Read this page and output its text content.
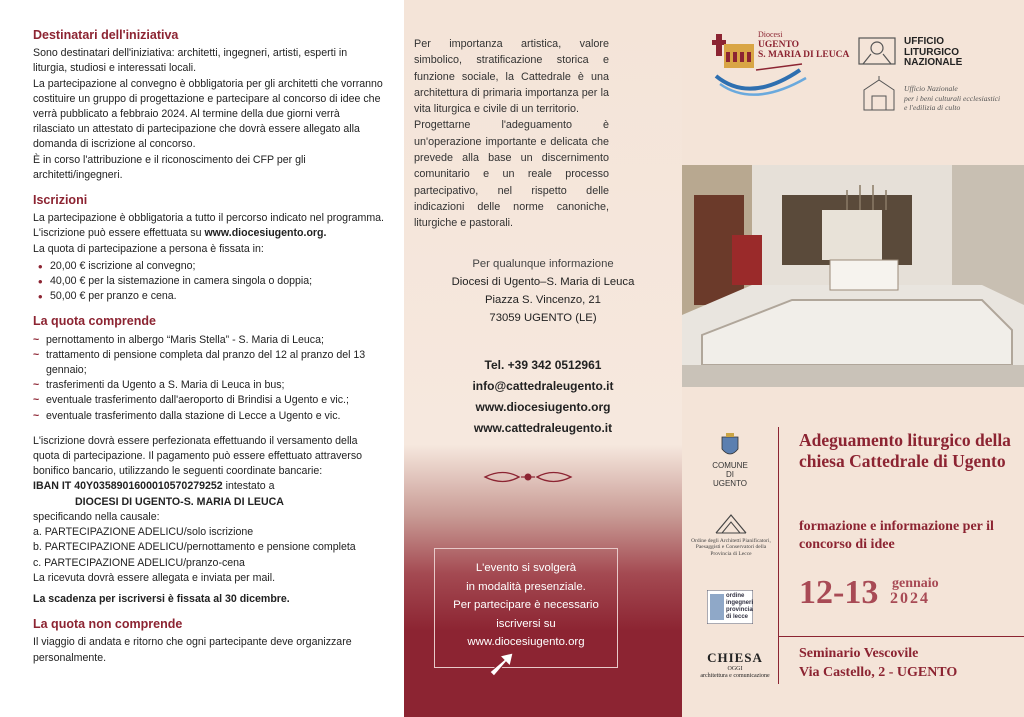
Destinatari dell'iniziativa

Sono destinatari dell'iniziativa: architetti, ingegneri, artisti, esperti in liturgia, studiosi e interessati locali.

La partecipazione al convegno è obbligatoria per gli architetti che vorranno costituire un gruppo di progettazione e partecipare al concorso di idee che verrà pubblicato a febbraio 2024. Al termine della due giorni verrà rilasciato un attestato di partecipazione che dovrà essere allegato alla domanda di iscrizione al concorso.

È in corso l'attribuzione e il riconoscimento dei CFP per gli architetti/ingegneri.

Iscrizioni

La partecipazione è obbligatoria a tutto il percorso indicato nel programma.

L'iscrizione può essere effettuata su www.diocesiugento.org.

La quota di partecipazione a persona è fissata in:

• 20,00 € iscrizione al convegno;
• 40,00 € per la sistemazione in camera singola o doppia;
• 50,00 € per pranzo e cena.
La quota comprende
~ pernottamento in albergo “Maris Stella” - S. Maria di Leuca;
~ trattamento di pensione completa dal pranzo del 12 al pranzo del 13 gennaio;
~ trasferimenti da Ugento a S. Maria di Leuca in bus;
~ eventuale trasferimento dall'aeroporto di Brindisi a Ugento e vic.;
~ eventuale trasferimento dalla stazione di Lecce a Ugento e vic.

L'iscrizione dovrà essere perfezionata effettuando il versamento della quota di partecipazione. Il pagamento può essere effettuato attraverso bonifico bancario, utilizzando le seguenti coordinate bancarie:

IBAN IT 40Y0358901600010570279252 intestato a

DIOCESI DI UGENTO-S. MARIA DI LEUCA

specificando nella causale:

a. PARTECIPAZIONE ADELICU/solo iscrizione

b. PARTECIPAZIONE ADELICU/pernottamento e pensione completa

c. PARTECIPAZIONE ADELICU/pranzo-cena

La ricevuta dovrà essere allegata e inviata per mail.

La scadenza per iscriversi è fissata al 30 dicembre.

La quota non comprende

Il viaggio di andata e ritorno che ogni partecipante deve organizzare personalmente.

Per importanza artistica, valore simbolico, stratificazione storica e funzione sociale, la Cattedrale è una architettura di primaria importanza per la vita liturgica e civile di un territorio.

Progettarne l'adeguamento è un'operazione importante e delicata che prevede alla base un discernimento comunitario e un reale processo partecipativo, nel rispetto delle indicazioni delle norme canoniche, liturgiche e pastorali.

Per qualunque informazione
Diocesi di Ugento–S. Maria di Leuca
Piazza S. Vincenzo, 21
73059 UGENTO (LE)
Tel. +39 342 0512961
info@cattedraleugento.it
www.diocesiugento.org
www.cattedraleugento.it
L'evento si svolgerà
in modalità presenziale.
Per partecipare è necessario
iscriversi su
www.diocesiugento.org
Diocesi
UGENTO
S. MARIA DI LEUCA
UFFICIO
LITURGICO
NAZIONALE
Ufficio Nazionale
per i beni culturali ecclesiastici
e l'edilizia di culto
COMUNE
DI UGENTO
Ordine degli Architetti Pianificatori, Paesaggisti e Conservatori della Provincia di Lecce
ordine
ingegneri
provincia
di lecce
CHIESA
OGGI
architettura e comunicazione
Adeguamento liturgico della chiesa Cattedrale di Ugento
formazione e informazione per il concorso di idee
12-13 gennaio
2024
Seminario Vescovile
Via Castello, 2 - UGENTO
